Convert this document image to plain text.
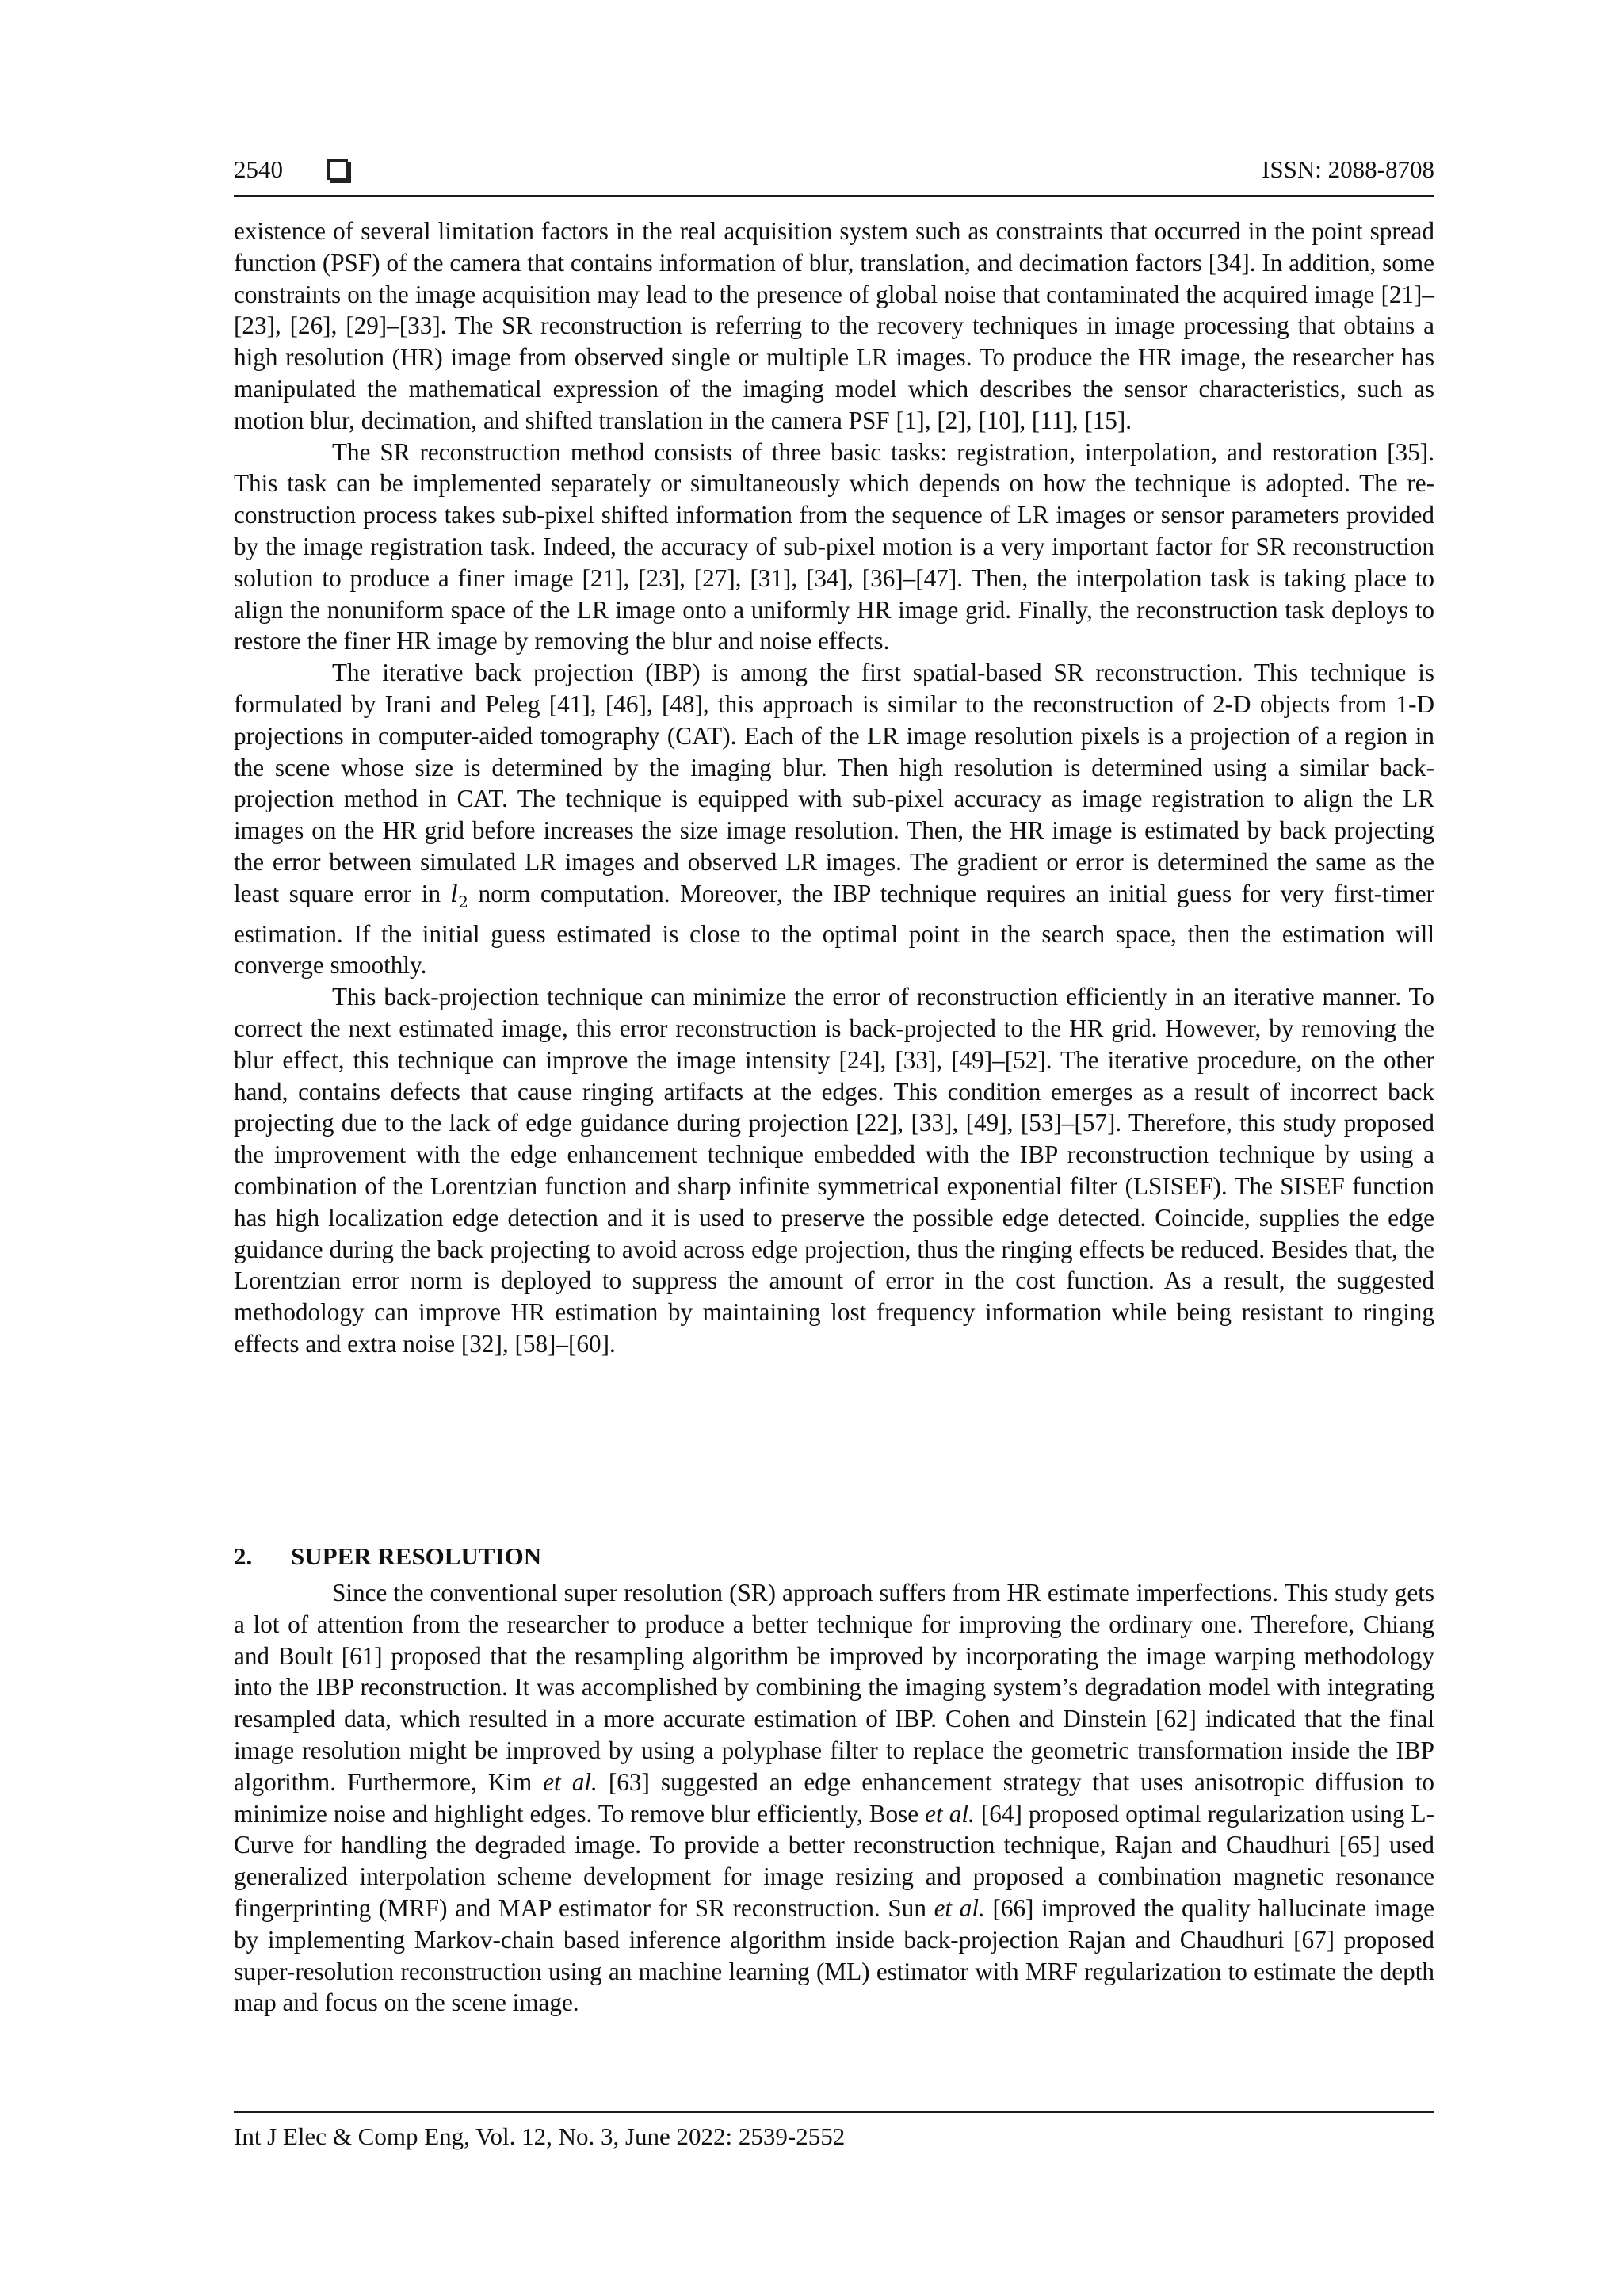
2540	ISSN: 2088-8708

existence of several limitation factors in the real acquisition system such as constraints that occurred in the point spread function (PSF) of the camera that contains information of blur, translation, and decimation factors [34]. In addition, some constraints on the image acquisition may lead to the presence of global noise that contaminated the acquired image [21]–[23], [26], [29]–[33]. The SR reconstruction is referring to the recovery techniques in image processing that obtains a high resolution (HR) image from observed single or multiple LR images. To produce the HR image, the researcher has manipulated the mathematical expression of the imaging model which describes the sensor characteristics, such as motion blur, decimation, and shifted translation in the camera PSF [1], [2], [10], [11], [15].

The SR reconstruction method consists of three basic tasks: registration, interpolation, and restoration [35]. This task can be implemented separately or simultaneously which depends on how the technique is adopted. The re-construction process takes sub-pixel shifted information from the sequence of LR images or sensor parameters provided by the image registration task. Indeed, the accuracy of sub-pixel motion is a very important factor for SR reconstruction solution to produce a finer image [21], [23], [27], [31], [34], [36]–[47]. Then, the interpolation task is taking place to align the nonuniform space of the LR image onto a uniformly HR image grid. Finally, the reconstruction task deploys to restore the finer HR image by removing the blur and noise effects.

The iterative back projection (IBP) is among the first spatial-based SR reconstruction. This technique is formulated by Irani and Peleg [41], [46], [48], this approach is similar to the reconstruction of 2-D objects from 1-D projections in computer-aided tomography (CAT). Each of the LR image resolution pixels is a projection of a region in the scene whose size is determined by the imaging blur. Then high resolution is determined using a similar back-projection method in CAT. The technique is equipped with sub-pixel accuracy as image registration to align the LR images on the HR grid before increases the size image resolution. Then, the HR image is estimated by back projecting the error between simulated LR images and observed LR images. The gradient or error is determined the same as the least square error in $l_2$ norm computation. Moreover, the IBP technique requires an initial guess for very first-timer estimation. If the initial guess estimated is close to the optimal point in the search space, then the estimation will converge smoothly.

This back-projection technique can minimize the error of reconstruction efficiently in an iterative manner. To correct the next estimated image, this error reconstruction is back-projected to the HR grid. However, by removing the blur effect, this technique can improve the image intensity [24], [33], [49]–[52]. The iterative procedure, on the other hand, contains defects that cause ringing artifacts at the edges. This condition emerges as a result of incorrect back projecting due to the lack of edge guidance during projection [22], [33], [49], [53]–[57]. Therefore, this study proposed the improvement with the edge enhancement technique embedded with the IBP reconstruction technique by using a combination of the Lorentzian function and sharp infinite symmetrical exponential filter (LSISEF). The SISEF function has high localization edge detection and it is used to preserve the possible edge detected. Coincide, supplies the edge guidance during the back projecting to avoid across edge projection, thus the ringing effects be reduced. Besides that, the Lorentzian error norm is deployed to suppress the amount of error in the cost function. As a result, the suggested methodology can improve HR estimation by maintaining lost frequency information while being resistant to ringing effects and extra noise [32], [58]–[60].

2. SUPER RESOLUTION

Since the conventional super resolution (SR) approach suffers from HR estimate imperfections. This study gets a lot of attention from the researcher to produce a better technique for improving the ordinary one. Therefore, Chiang and Boult [61] proposed that the resampling algorithm be improved by incorporating the image warping methodology into the IBP reconstruction. It was accomplished by combining the imaging system’s degradation model with integrating resampled data, which resulted in a more accurate estimation of IBP. Cohen and Dinstein [62] indicated that the final image resolution might be improved by using a polyphase filter to replace the geometric transformation inside the IBP algorithm. Furthermore, Kim et al. [63] suggested an edge enhancement strategy that uses anisotropic diffusion to minimize noise and highlight edges. To remove blur efficiently, Bose et al. [64] proposed optimal regularization using L-Curve for handling the degraded image. To provide a better reconstruction technique, Rajan and Chaudhuri [65] used generalized interpolation scheme development for image resizing and proposed a combination magnetic resonance fingerprinting (MRF) and MAP estimator for SR reconstruction. Sun et al. [66] improved the quality hallucinate image by implementing Markov-chain based inference algorithm inside back-projection Rajan and Chaudhuri [67] proposed super-resolution reconstruction using an machine learning (ML) estimator with MRF regularization to estimate the depth map and focus on the scene image.

Int J Elec & Comp Eng, Vol. 12, No. 3, June 2022: 2539-2552
